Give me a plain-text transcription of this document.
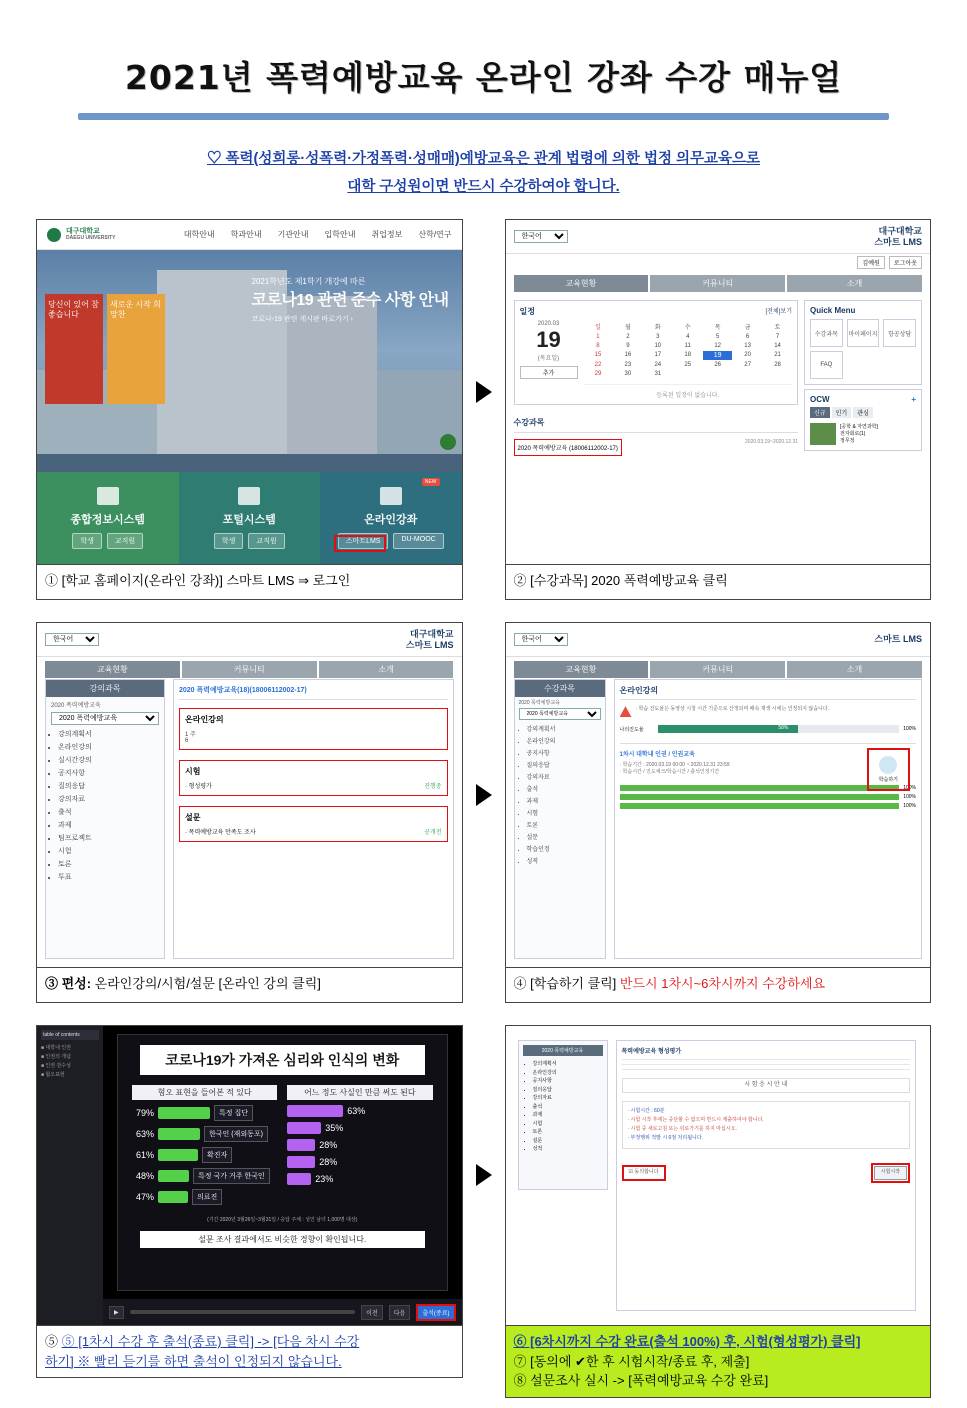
2021년 폭력예방교육 온라인 강좌 수강 매뉴얼
♡ 폭력(성희롱·성폭력·가정폭력·성매매)예방교육은 관계 법령에 의한 법정 의무교육으로
대학 구성원이면 반드시 수강하여야 합니다.
대구대학교
DAEGU UNIVERSITY	대학안내 학과안내 기관안내 입학안내 취업정보 산학/연구
당신이 있어 참 좋습니다
새로운 시작 희망찬
2021학년도 제1학기 개강에 따른
코로나19 관련 준수 사항 안내
코로나-19 관련 게시판 바로가기 ›
종합정보시스템
학생	교직원
포털시스템
학생	교직원
NEW
온라인강좌
스마트LMS	DU-MOOC
① [학교 홈페이지(온라인 강좌)] 스마트 LMS ⇒ 로그인
한국어
대구대학교
스마트 LMS
김예원	로그아웃
교육현황	커뮤니티	소개
일정	[전체]보기
2020.03
19
(목요일)
추가
일	월	화	수	목	금	토
1	2	3	4	5	6	7
8	9	10	11	12	13	14
15	16	17	18	19	20	21
22	23	24	25	26	27	28
29	30	31
등록된 일정이 없습니다.
수강과목
2020 폭력예방교육 (18006112002-17)
2020.03.19~2020.12.31
Quick Menu
수강과목	마이페이지	항공상담
FAQ
OCW	+
신규	인기	관심
[공학 & 자연과학]
전자회로(1)
정무정
② [수강과목] 2020 폭력예방교육 클릭
한국어
대구대학교
스마트 LMS
교육현황	커뮤니티	소개
강의과목
2020 폭력예방교육
2020 폭력예방교육
• 강의계획서
• 온라인강의
• 실시간강의
• 공지사항
• 질의응답
• 강의자료
• 출석
• 과제
• 팀프로젝트
• 시험
• 토론
• 투표
2020 폭력예방교육(18)(18006112002-17)
온라인강의
1 주
6
시험
· 형성평가	진행중
설문
· 폭력예방교육 만족도 조사	공개전
③ 편성: 온라인강의/시험/설문 [온라인 강의 클릭]
한국어
스마트 LMS
교육현황	커뮤니티	소개
수강과목
2020 폭력예방교육
2020 폭력예방교육
• 강의계획서
• 온라인강의
• 공지사항
• 질의응답
• 강의자료
• 출석
• 과제
• 시험
• 토론
• 설문
• 학습인정
• 성적
온라인강의
· 학습 진도율은 동영상 시청 시간 기준으로 산정되며 배속 재생 시에는 인정되지 않습니다.
나의진도율	58%	100%
1차시 대학내 인권 / 인권교육
· 학습기간 : 2020.03.19 00:00 ~ 2020.12.31 23:59
· 학습시간 / 진도체크/학습시간 / 출석인정기간
학습하기
100%
100%
100%
④ [학습하기 클릭] 반드시 1차시~6차시까지 수강하세요
table of contents
■ 대학내 인권
■ 인권의 개념
■ 인권 감수성
■ 혐오표현
코로나19가 가져온 심리와 인식의 변화
혐오 표현을 들어본 적 있다
79%	특정 집단
63%	한국인 (재외동포)
61%	확진자
48%	특정 국가 거주 한국인
47%	의료진
어느 정도 사실인 만큼 써도 된다
63%
35%
28%
28%
23%
(기간 2020년 3월26일~3월31일 / 응답 주체 : 성인 남녀 1,000명 대상)
설문 조사 결과에서도 비슷한 경향이 확인됩니다.
▶	이전	다음	출석(종료)
⑤ ⑤ [1차시 수강 후 출석(종료) 클릭] -> [다음 차시 수강
하기] ※ 빨리 듣기를 하면 출석이 인정되지 않습니다.
2020 폭력예방교육
• 강의계획서
• 온라인강의
• 공지사항
• 질의응답
• 강의자료
• 출석
• 과제
• 시험
• 토론
• 설문
• 성적
폭력예방교육 형성평가
시 험 응 시 안 내
· 시험시간 : 60분
· 시험 시작 후에는 중단할 수 없으며 반드시 제출하여야 합니다.
· 시험 중 새로고침 또는 뒤로가기를 하지 마십시오.
· 부정행위 적발 시 0점 처리됩니다.
☑ 동의합니다	시험시작
⑥ [6차시까지 수강 완료(출석 100%) 후, 시험(형성평가) 클릭]
⑦ [동의에 ✔한 후 시험시작/종료 후, 제출]
⑧ 설문조사 실시 -> [폭력예방교육 수강 완료]
